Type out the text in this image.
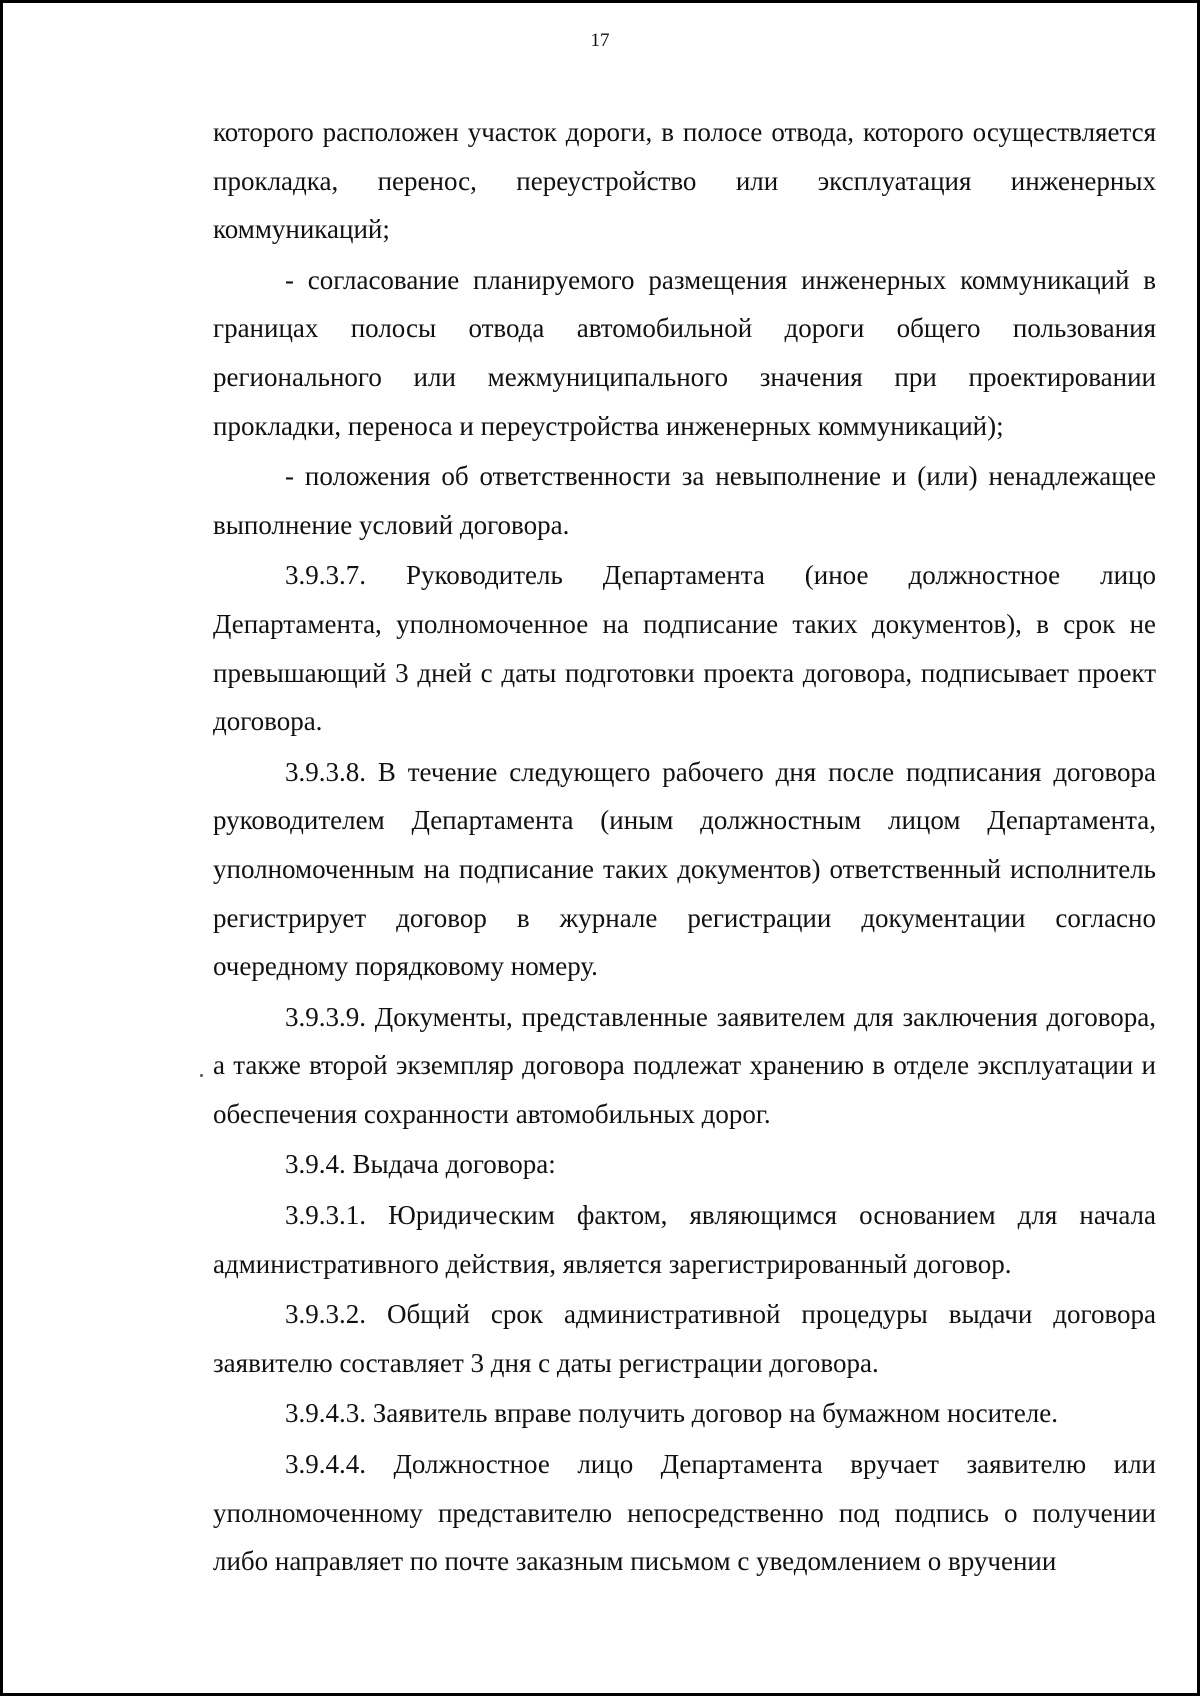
17

которого расположен участок дороги, в полосе отвода, которого осуществляется прокладка, перенос, переустройство или эксплуатация инженерных коммуникаций;

- согласование планируемого размещения инженерных коммуникаций в границах полосы отвода автомобильной дороги общего пользования регионального или межмуниципального значения при проектировании прокладки, переноса и переустройства инженерных коммуникаций);

- положения об ответственности за невыполнение и (или) ненадлежащее выполнение условий договора.

3.9.3.7. Руководитель Департамента (иное должностное лицо Департамента, уполномоченное на подписание таких документов), в срок не превышающий 3 дней с даты подготовки проекта договора, подписывает проект договора.

3.9.3.8. В течение следующего рабочего дня после подписания договора руководителем Департамента (иным должностным лицом Департамента, уполномоченным на подписание таких документов) ответственный исполнитель регистрирует договор в журнале регистрации документации согласно очередному порядковому номеру.

3.9.3.9. Документы, представленные заявителем для заключения договора, а также второй экземпляр договора подлежат хранению в отделе эксплуатации и обеспечения сохранности автомобильных дорог.

3.9.4. Выдача договора:

3.9.3.1. Юридическим фактом, являющимся основанием для начала административного действия, является зарегистрированный договор.

3.9.3.2. Общий срок административной процедуры выдачи договора заявителю составляет 3 дня с даты регистрации договора.

3.9.4.3. Заявитель вправе получить договор на бумажном носителе.

3.9.4.4. Должностное лицо Департамента вручает заявителю или уполномоченному представителю непосредственно под подпись о получении либо направляет по почте заказным письмом с уведомлением о вручении
